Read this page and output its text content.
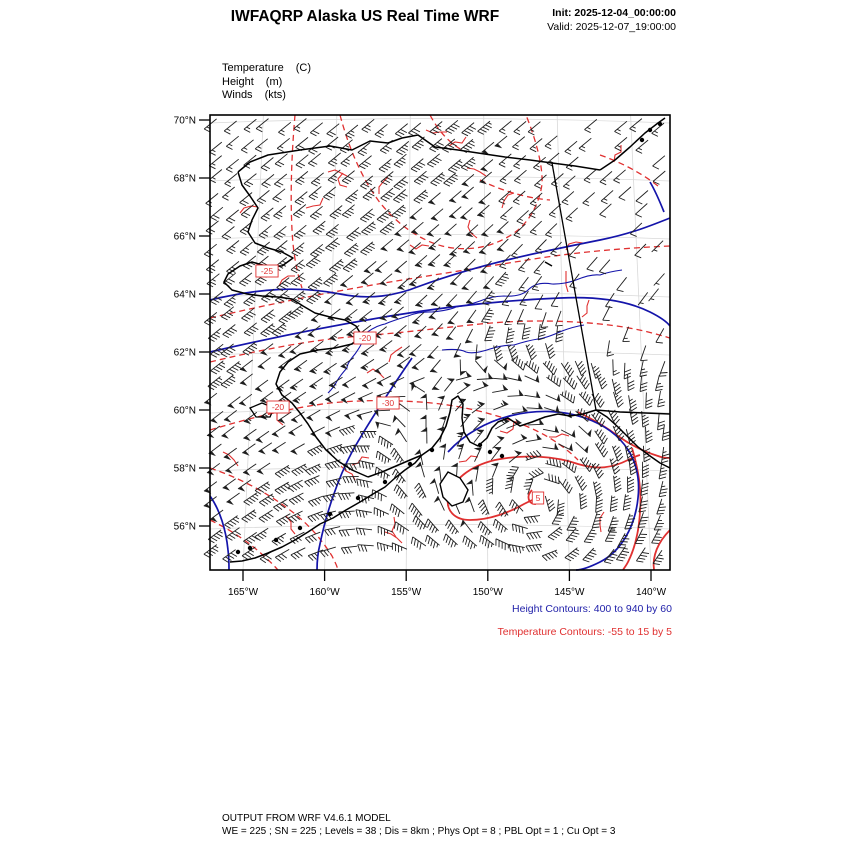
IWFAQRP Alaska US Real Time WRF	Init: 2025-12-04_00:00:00
Valid: 2025-12-07_19:00:00
Temperature (C)
Height (m)
Winds (kts)
-25
-20
-20	-30
5
70°N
68°N
66°N
64°N
62°N
60°N
58°N
56°N
165°W	160°W	155°W	150°W	145°W	140°W
Height Contours: 400 to 940 by 60
Temperature Contours: -55 to 15 by 5
OUTPUT FROM WRF V4.6.1 MODEL
WE = 225 ; SN = 225 ; Levels = 38 ; Dis = 8km ; Phys Opt = 8 ; PBL Opt = 1 ; Cu Opt = 3
